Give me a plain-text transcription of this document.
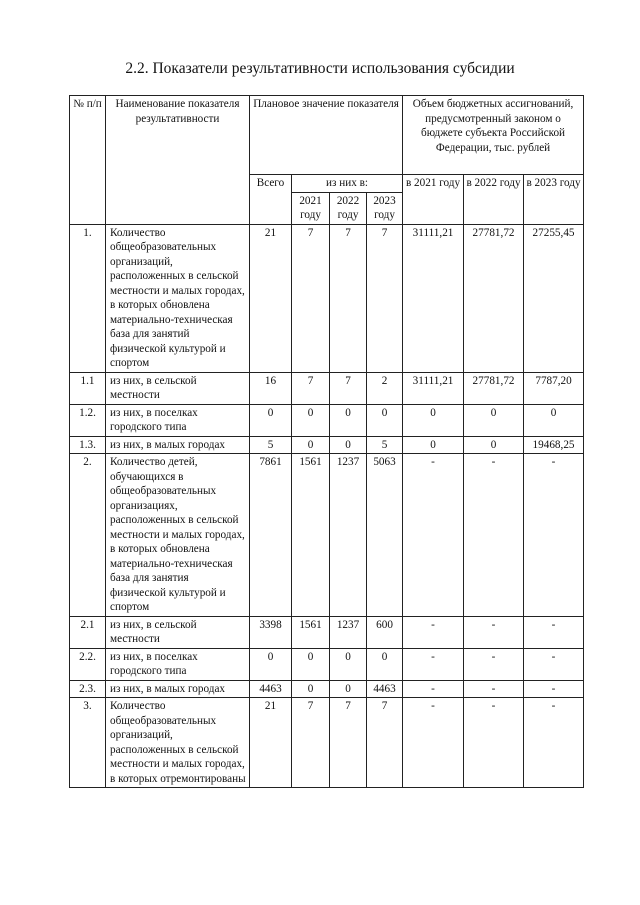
2.2. Показатели результативности использования субсидии
№ п/п	Наименование показателя результативности	Плановое значение показателя				Объем бюджетных ассигнований, предусмотренный законом о бюджете субъекта Российской Федерации, тыс. рублей		
		Всего	из них в:			в 2021 году	в 2022 году	в 2023 году
			2021 году	2022 году	2023 году			
1.	Количество общеобразовательных организаций, расположенных в сельской местности и малых городах, в которых обновлена материально-техническая база для занятий физической культурой и спортом	21	7	7	7	31111,21	27781,72	27255,45
1.1	из них, в сельской местности	16	7	7	2	31111,21	27781,72	7787,20
1.2.	из них, в поселках городского типа	0	0	0	0	0	0	0
1.3.	из них, в малых городах	5	0	0	5	0	0	19468,25
2.	Количество детей, обучающихся в общеобразовательных организациях, расположенных в сельской местности и малых городах, в которых обновлена материально-техническая база для занятия физической культурой и спортом	7861	1561	1237	5063	-	-	-
2.1	из них, в сельской местности	3398	1561	1237	600	-	-	-
2.2.	из них, в поселках городского типа	0	0	0	0	-	-	-
2.3.	из них, в малых городах	4463	0	0	4463	-	-	-
3.	Количество общеобразовательных организаций, расположенных в сельской местности и малых городах, в которых отремонтированы	21	7	7	7	-	-	-
